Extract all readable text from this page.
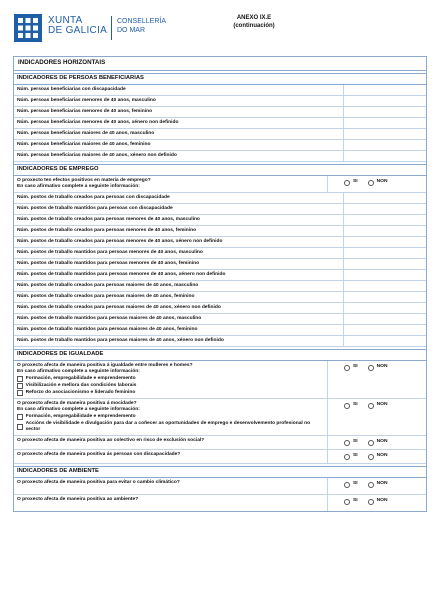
XUNTA
DE GALICIA
CONSELLERÍA
DO MAR
ANEXO IX.E
(continuación)
INDICADORES HORIZONTAIS
INDICADORES DE PERSOAS BENEFICIARIAS
Núm. persoas beneficiarias con discapacidade
Núm. persoas beneficiarias menores de 40 anos, masculino
Núm. persoas beneficiarias menores de 40 anos, feminino
Núm. persoas beneficiarias menores de 40 anos, xénero non definido
Núm. persoas beneficiarias maiores de 40 anos, masculino
Núm. persoas beneficiarias maiores de 40 anos, feminino
Núm. persoas beneficiarias maiores de 40 anos, xénero non definido
INDICADORES DE EMPREGO
O proxecto ten efectos positivos en materia de emprego?
En caso afirmativo complete a seguinte información:
SI	NON
Núm. postos de traballo creados para persoas con discapacidade
Núm. postos de traballo mantidos para persoas con discapacidade
Núm. postos de traballo creados para persoas menores de 40 anos, masculino
Núm. postos de traballo creados para persoas menores de 40 anos, feminino
Núm. postos de traballo creados para persoas menores de 40 anos, xénero non definido
Núm. postos de traballo mantidos para persoas menores de 40 anos, masculino
Núm. postos de traballo mantidos para persoas menores de 40 anos, feminino
Núm. postos de traballo mantidos para persoas menores de 40 anos, xénero non definido
Núm. postos de traballo creados para persoas maiores de 40 anos, masculino
Núm. postos de traballo creados para persoas maiores de 40 anos, feminino
Núm. postos de traballo creados para persoas maiores de 40 anos, xénero non definido
Núm. postos de traballo mantidos para persoas maiores de 40 anos, masculino
Núm. postos de traballo mantidos para persoas maiores de 40 anos, feminino
Núm. postos de traballo mantidos para persoas maiores de 40 anos, xénero non definido
INDICADORES DE IGUALDADE
O proxecto afecta de maneira positiva á igualdade entre mulleres e homes?
En caso afirmativo complete a seguinte información:
Formación, empregabilidade e emprendemento
Visibilización e mellora das condicións laborais
Reforzo do asociacionismo e liderado feminino
SI	NON
O proxecto afecta de maneira positiva á mocidade?
En caso afirmativo complete a seguinte información:
Formación, empregabilidade e emprendemento
Accións de visibilidade e divulgación para dar a coñecer as oportunidades de emprego e desenvolvemento profesional no sector
SI	NON
O proxecto afecta de maneira positiva ao colectivo en risco de exclusión social?	SI	NON
O proxecto afecta de maneira positiva ás persoas con discapacidade?	SI	NON
INDICADORES DE AMBIENTE
O proxecto afecta de maneira positiva para evitar o cambio climático?	SI	NON
O proxecto afecta de maneira positiva ao ambiente?	SI	NON
